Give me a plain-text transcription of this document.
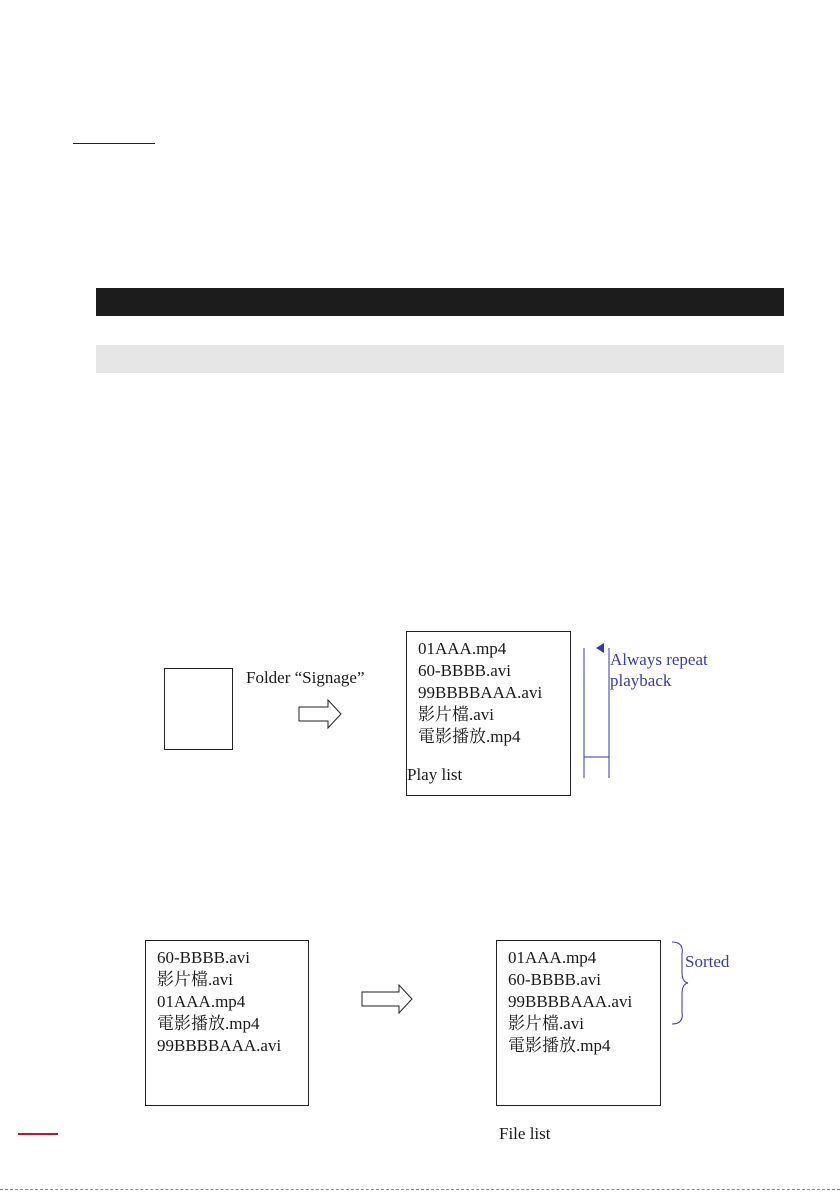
Folder “Signage”
01AAA.mp4
60-BBBB.avi
99BBBBAAA.avi
影片檔.avi
電影播放.mp4
Play list
Always repeat
playback
60-BBBB.avi
影片檔.avi
01AAA.mp4
電影播放.mp4
99BBBBAAA.avi
01AAA.mp4
60-BBBB.avi
99BBBBAAA.avi
影片檔.avi
電影播放.mp4
File list
Sorted
